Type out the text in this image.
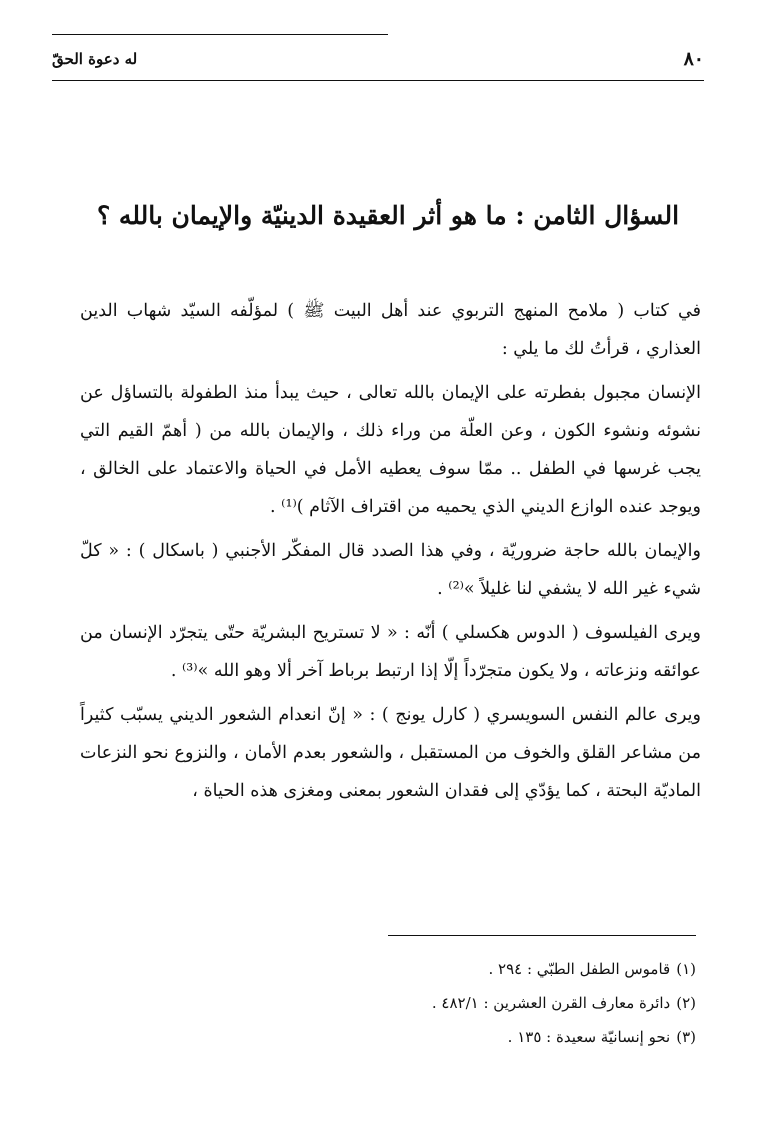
٨٠
له دعوة الحقّ
السؤال الثامن : ما هو أثر العقيدة الدينيّة والإيمان بالله ؟

في كتاب ( ملامح المنهج التربوي عند أهل البيت ﷺ ) لمؤلّفه السيّد شهاب الدين العذاري ، قرأتُ لك ما يلي :

الإنسان مجبول بفطرته على الإيمان بالله تعالى ، حيث يبدأ منذ الطفولة بالتساؤل عن نشوئه ونشوء الكون ، وعن العلّة من وراء ذلك ، والإيمان بالله من ( أهمّ القيم التي يجب غرسها في الطفل .. ممّا سوف يعطيه الأمل في الحياة والاعتماد على الخالق ، ويوجد عنده الوازع الديني الذي يحميه من اقتراف الآثام )⁽¹⁾ .

والإيمان بالله حاجة ضروريّة ، وفي هذا الصدد قال المفكّر الأجنبي ( باسكال ) : « كلّ شيء غير الله لا يشفي لنا غليلاً »⁽²⁾ .

ويرى الفيلسوف ( الدوس هكسلي ) أنّه : « لا تستريح البشريّة حتّى يتجرّد الإنسان من عوائقه ونزعاته ، ولا يكون متجرّداً إلّا إذا ارتبط برباط آخر ألا وهو الله »⁽³⁾ .

ويرى عالم النفس السويسري ( كارل يونج ) : « إنّ انعدام الشعور الديني يسبّب كثيراً من مشاعر القلق والخوف من المستقبل ، والشعور بعدم الأمان ، والنزوع نحو النزعات الماديّة البحتة ، كما يؤدّي إلى فقدان الشعور بمعنى ومغزى هذه الحياة ،

(١)
قاموس الطفل الطبّي : ٢٩٤ .
(٢)
دائرة معارف القرن العشرين : ٤٨٢/١ .
(٣)
نحو إنسانيّة سعيدة : ١٣٥ .
